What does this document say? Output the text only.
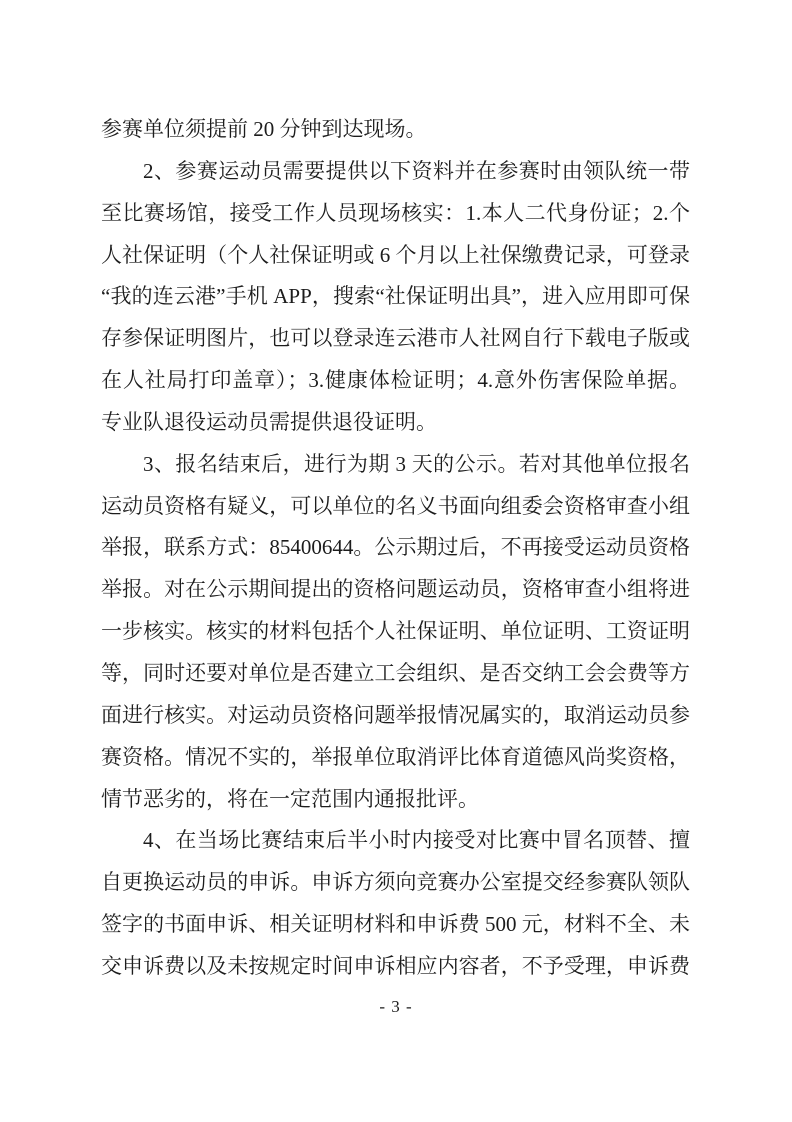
参赛单位须提前 20 分钟到达现场。
2、参赛运动员需要提供以下资料并在参赛时由领队统一带
至比赛场馆，接受工作人员现场核实：1.本人二代身份证；2.个
人社保证明（个人社保证明或 6 个月以上社保缴费记录，可登录
“我的连云港”手机 APP，搜索“社保证明出具”，进入应用即可保
存参保证明图片，也可以登录连云港市人社网自行下载电子版或
在人社局打印盖章）；3.健康体检证明；4.意外伤害保险单据。
专业队退役运动员需提供退役证明。
3、报名结束后，进行为期 3 天的公示。若对其他单位报名
运动员资格有疑义，可以单位的名义书面向组委会资格审查小组
举报，联系方式：85400644。公示期过后，不再接受运动员资格
举报。对在公示期间提出的资格问题运动员，资格审查小组将进
一步核实。核实的材料包括个人社保证明、单位证明、工资证明
等，同时还要对单位是否建立工会组织、是否交纳工会会费等方
面进行核实。对运动员资格问题举报情况属实的，取消运动员参
赛资格。情况不实的，举报单位取消评比体育道德风尚奖资格，
情节恶劣的，将在一定范围内通报批评。
4、在当场比赛结束后半小时内接受对比赛中冒名顶替、擅
自更换运动员的申诉。申诉方须向竞赛办公室提交经参赛队领队
签字的书面申诉、相关证明材料和申诉费 500 元，材料不全、未
交申诉费以及未按规定时间申诉相应内容者，不予受理，申诉费
- 3 -
